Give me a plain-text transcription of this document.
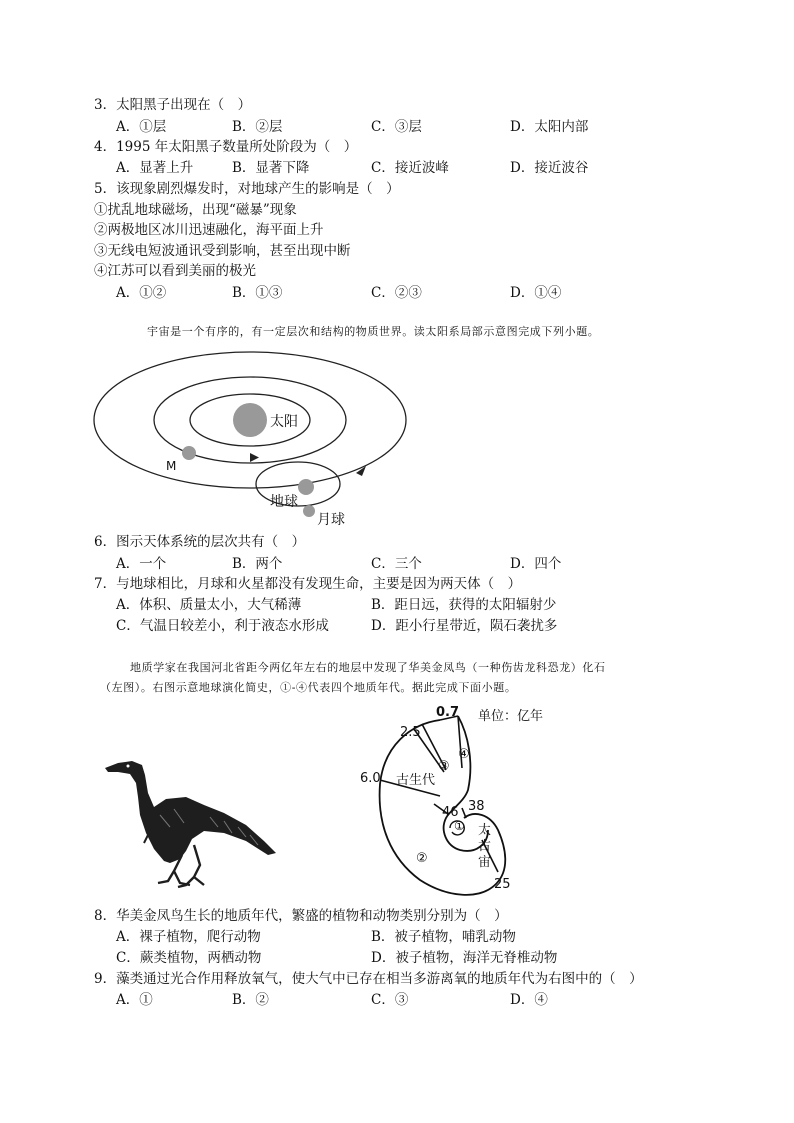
3．太阳黑子出现在（　）
A．①层	B．②层	C．③层	D．太阳内部
4．1995 年太阳黑子数量所处阶段为（　）
A．显著上升	B．显著下降	C．接近波峰	D．接近波谷
5．该现象剧烈爆发时，对地球产生的影响是（　）
①扰乱地球磁场，出现“磁暴”现象
②两极地区冰川迅速融化，海平面上升
③无线电短波通讯受到影响，甚至出现中断
④江苏可以看到美丽的极光
A．①②	B．①③	C．②③	D．①④
宇宙是一个有序的，有一定层次和结构的物质世界。读太阳系局部示意图完成下列小题。
太阳
M
地球
月球
6．图示天体系统的层次共有（　）
A．一个	B．两个	C．三个	D．四个
7．与地球相比，月球和火星都没有发现生命，主要是因为两天体（　）
A．体积、质量太小，大气稀薄	B．距日远，获得的太阳辐射少
C．气温日较差小，利于液态水形成	D．距小行星带近，陨石袭扰多
地质学家在我国河北省距今两亿年左右的地层中发现了华美金凤鸟（一种伤齿龙科恐龙）化石
（左图）。右图示意地球演化简史，①-④代表四个地质年代。据此完成下面小题。
0.7 单位：亿年
2.5
6.0 古生代
③
④
46 38
① 太
古
宙
②
25
8．华美金凤鸟生长的地质年代，繁盛的植物和动物类别分别为（　）
A．裸子植物，爬行动物	B．被子植物，哺乳动物
C．蕨类植物，两栖动物	D．被子植物，海洋无脊椎动物
9．藻类通过光合作用释放氧气，使大气中已存在相当多游离氧的地质年代为右图中的（　）
A．①	B．②	C．③	D．④
